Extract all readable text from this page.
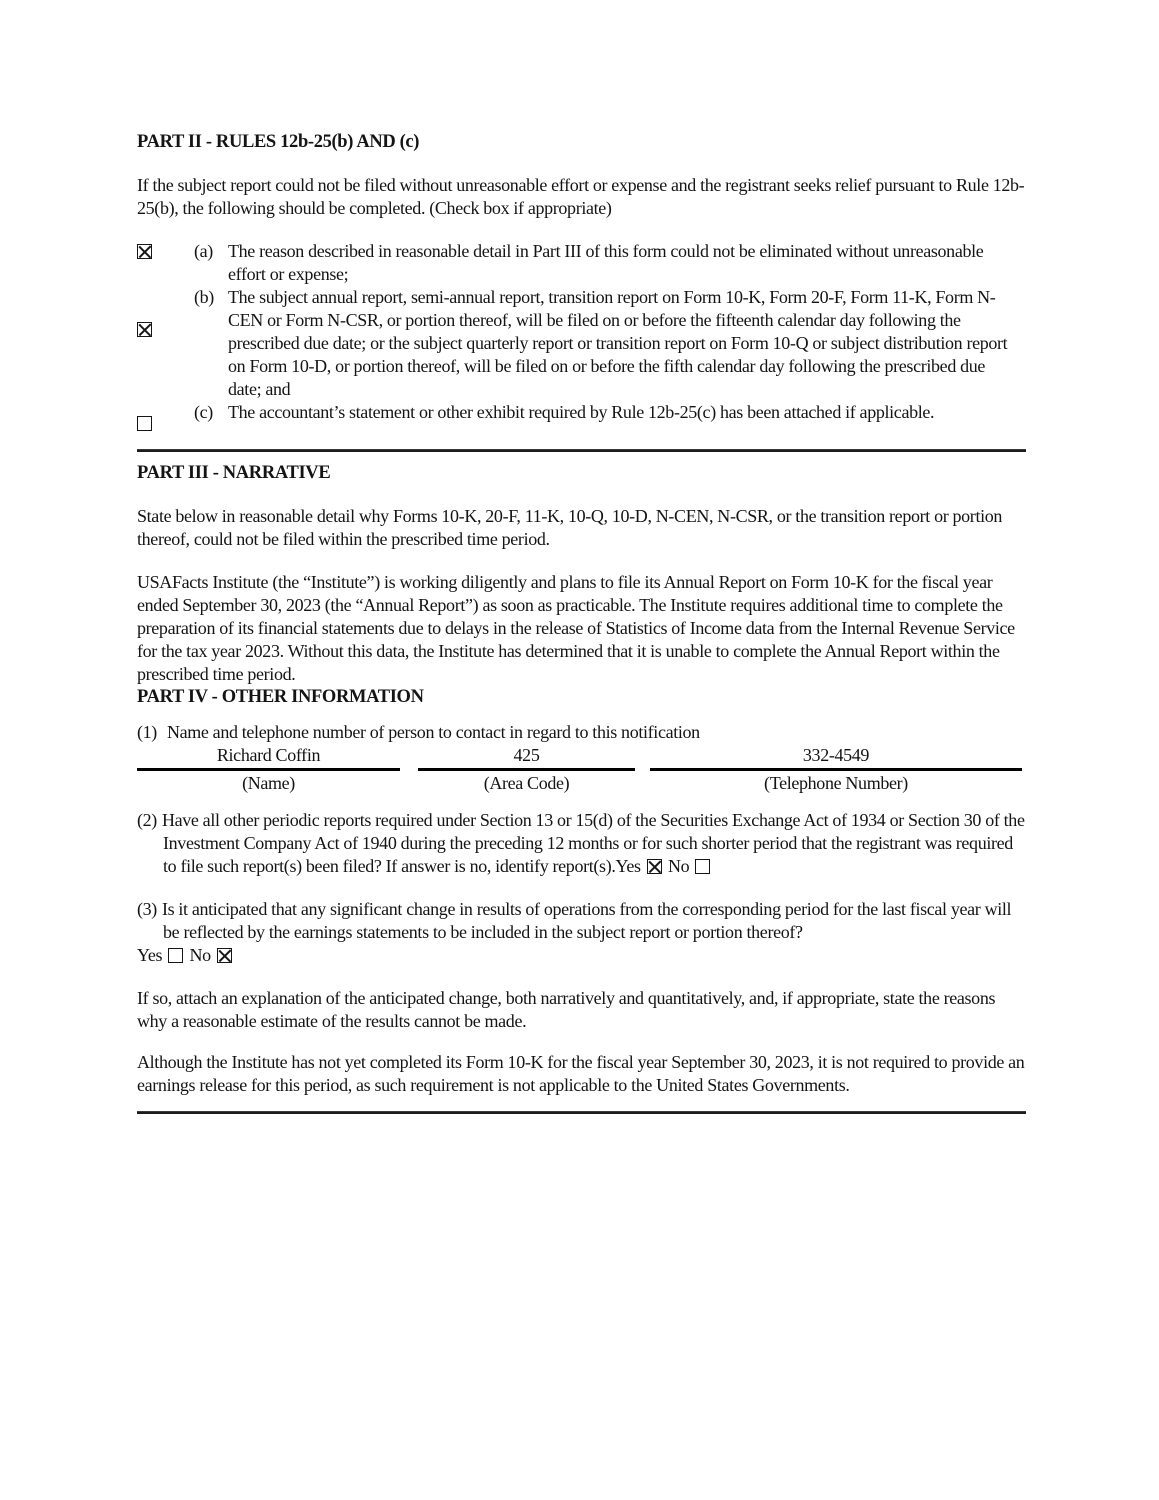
PART II - RULES 12b-25(b) AND (c)

If the subject report could not be filed without unreasonable effort or expense and the registrant seeks relief pursuant to Rule 12b-25(b), the following should be completed. (Check box if appropriate)

(a) The reason described in reasonable detail in Part III of this form could not be eliminated without unreasonable effort or expense;
(b) The subject annual report, semi-annual report, transition report on Form 10-K, Form 20-F, Form 11-K, Form N-CEN or Form N-CSR, or portion thereof, will be filed on or before the fifteenth calendar day following the prescribed due date; or the subject quarterly report or transition report on Form 10-Q or subject distribution report on Form 10-D, or portion thereof, will be filed on or before the fifth calendar day following the prescribed due date; and
(c) The accountant’s statement or other exhibit required by Rule 12b-25(c) has been attached if applicable.

PART III - NARRATIVE

State below in reasonable detail why Forms 10-K, 20-F, 11-K, 10-Q, 10-D, N-CEN, N-CSR, or the transition report or portion thereof, could not be filed within the prescribed time period.

USAFacts Institute (the “Institute”) is working diligently and plans to file its Annual Report on Form 10-K for the fiscal year ended September 30, 2023 (the “Annual Report”) as soon as practicable. The Institute requires additional time to complete the preparation of its financial statements due to delays in the release of Statistics of Income data from the Internal Revenue Service for the tax year 2023. Without this data, the Institute has determined that it is unable to complete the Annual Report within the prescribed time period.

PART IV - OTHER INFORMATION

(1) Name and telephone number of person to contact in regard to this notification

Richard Coffin
(Name)
425
(Area Code)
332-4549
(Telephone Number)

(2) Have all other periodic reports required under Section 13 or 15(d) of the Securities Exchange Act of 1934 or Section 30 of the Investment Company Act of 1940 during the preceding 12 months or for such shorter period that the registrant was required to file such report(s) been filed? If answer is no, identify report(s).Yes No

(3) Is it anticipated that any significant change in results of operations from the corresponding period for the last fiscal year will be reflected by the earnings statements to be included in the subject report or portion thereof?

Yes No

If so, attach an explanation of the anticipated change, both narratively and quantitatively, and, if appropriate, state the reasons why a reasonable estimate of the results cannot be made.

Although the Institute has not yet completed its Form 10-K for the fiscal year September 30, 2023, it is not required to provide an earnings release for this period, as such requirement is not applicable to the United States Governments.
